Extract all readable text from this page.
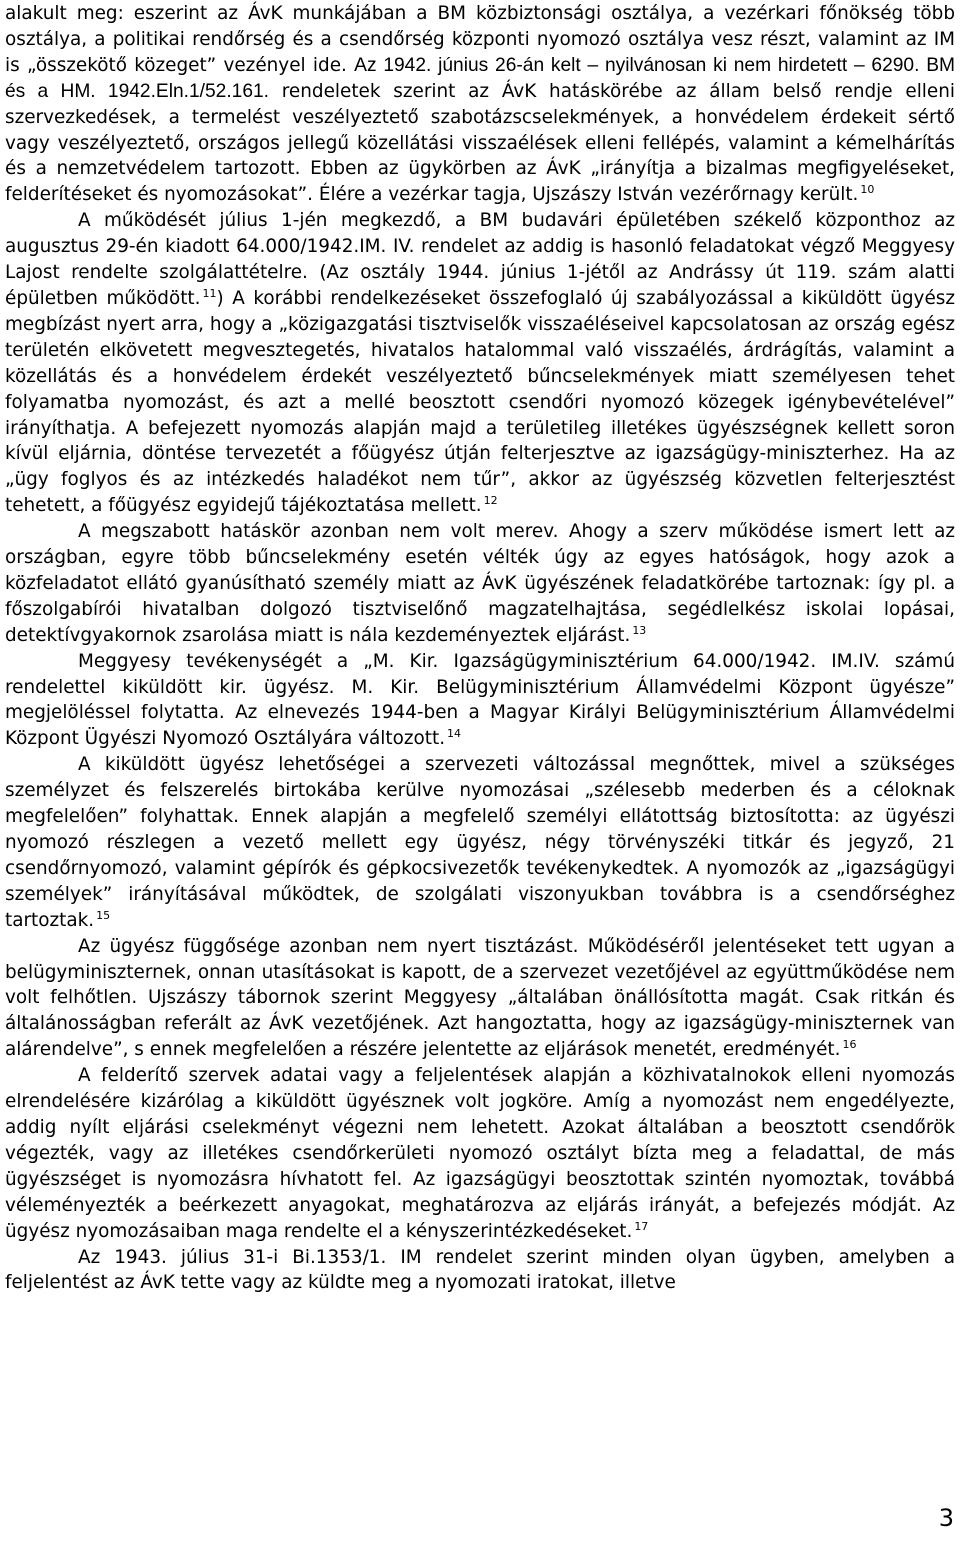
alakult meg: eszerint az ÁvK munkájában a BM közbiztonsági osztálya, a vezérkari főnökség több osztálya, a politikai rendőrség és a csendőrség központi nyomozó osztálya vesz részt, valamint az IM is „összekötő közeget” vezényel ide. Az 1942. június 26-án kelt – nyilvánosan ki nem hirdetett – 6290. BM és a HM. 1942.Eln.1/52.161. rendeletek szerint az ÁvK hatáskörébe az állam belső rendje elleni szervezkedések, a termelést veszélyeztető szabotázscselekmények, a honvédelem érdekeit sértő vagy veszélyeztető, országos jellegű közellátási visszaélések elleni fellépés, valamint a kémelhárítás és a nemzetvédelem tartozott. Ebben az ügykörben az ÁvK „irányítja a bizalmas megfigyeléseket, felderítéseket és nyomozásokat”. Élére a vezérkar tagja, Ujszászy István vezérőrnagy került. $^{10}$

A működését július 1-jén megkezdő, a BM budavári épületében székelő központhoz az augusztus 29-én kiadott 64.000/1942.IM. IV. rendelet az addig is hasonló feladatokat végző Meggyesy Lajost rendelte szolgálattételre. (Az osztály 1944. június 1-jétől az Andrássy út 119. szám alatti épületben működött. $^{11}$) A korábbi rendelkezéseket összefoglaló új szabályozással a kiküldött ügyész megbízást nyert arra, hogy a „közigazgatási tisztviselők visszaéléseivel kapcsolatosan az ország egész területén elkövetett megvesztegetés, hivatalos hatalommal való visszaélés, árdrágítás, valamint a közellátás és a honvédelem érdekét veszélyeztető bűncselekmények miatt személyesen tehet folyamatba nyomozást, és azt a mellé beosztott csendőri nyomozó közegek igénybevételével” irányíthatja. A befejezett nyomozás alapján majd a területileg illetékes ügyészségnek kellett soron kívül eljárnia, döntése tervezetét a főügyész útján felterjesztve az igazságügy-miniszterhez. Ha az „ügy foglyos és az intézkedés haladékot nem tűr”, akkor az ügyészség közvetlen felterjesztést tehetett, a főügyész egyidejű tájékoztatása mellett. $^{12}$

A megszabott hatáskör azonban nem volt merev. Ahogy a szerv működése ismert lett az országban, egyre több bűncselekmény esetén vélték úgy az egyes hatóságok, hogy azok a közfeladatot ellátó gyanúsítható személy miatt az ÁvK ügyészének feladatkörébe tartoznak: így pl. a főszolgabírói hivatalban dolgozó tisztviselőnő magzatelhajtása, segédlelkész iskolai lopásai, detektívgyakornok zsarolása miatt is nála kezdeményeztek eljárást. $^{13}$

Meggyesy tevékenységét a „M. Kir. Igazságügyminisztérium 64.000/1942. IM.IV. számú rendelettel kiküldött kir. ügyész. M. Kir. Belügyminisztérium Államvédelmi Központ ügyésze” megjelöléssel folytatta. Az elnevezés 1944-ben a Magyar Királyi Belügyminisztérium Államvédelmi Központ Ügyészi Nyomozó Osztályára változott. $^{14}$

A kiküldött ügyész lehetőségei a szervezeti változással megnőttek, mivel a szükséges személyzet és felszerelés birtokába kerülve nyomozásai „szélesebb mederben és a céloknak megfelelően” folyhattak. Ennek alapján a megfelelő személyi ellátottság biztosította: az ügyészi nyomozó részlegen a vezető mellett egy ügyész, négy törvényszéki titkár és jegyző, 21 csendőrnyomozó, valamint gépírók és gépkocsivezetők tevékenykedtek. A nyomozók az „igazságügyi személyek” irányításával működtek, de szolgálati viszonyukban továbbra is a csendőrséghez tartoztak. $^{15}$

Az ügyész függősége azonban nem nyert tisztázást. Működéséről jelentéseket tett ugyan a belügyminiszternek, onnan utasításokat is kapott, de a szervezet vezetőjével az együttműködése nem volt felhőtlen. Ujszászy tábornok szerint Meggyesy „általában önállósította magát. Csak ritkán és általánosságban referált az ÁvK vezetőjének. Azt hangoztatta, hogy az igazságügy-miniszternek van alárendelve”, s ennek megfelelően a részére jelentette az eljárások menetét, eredményét. $^{16}$

A felderítő szervek adatai vagy a feljelentések alapján a közhivatalnokok elleni nyomozás elrendelésére kizárólag a kiküldött ügyésznek volt jogköre. Amíg a nyomozást nem engedélyezte, addig nyílt eljárási cselekményt végezni nem lehetett. Azokat általában a beosztott csendőrök végezték, vagy az illetékes csendőrkerületi nyomozó osztályt bízta meg a feladattal, de más ügyészséget is nyomozásra hívhatott fel. Az igazságügyi beosztottak szintén nyomoztak, továbbá véleményezték a beérkezett anyagokat, meghatározva az eljárás irányát, a befejezés módját. Az ügyész nyomozásaiban maga rendelte el a kényszerintézkedéseket. $^{17}$

Az 1943. július 31-i Bi.1353/1. IM rendelet szerint minden olyan ügyben, amelyben a feljelentést az ÁvK tette vagy az küldte meg a nyomozati iratokat, illetve

3
